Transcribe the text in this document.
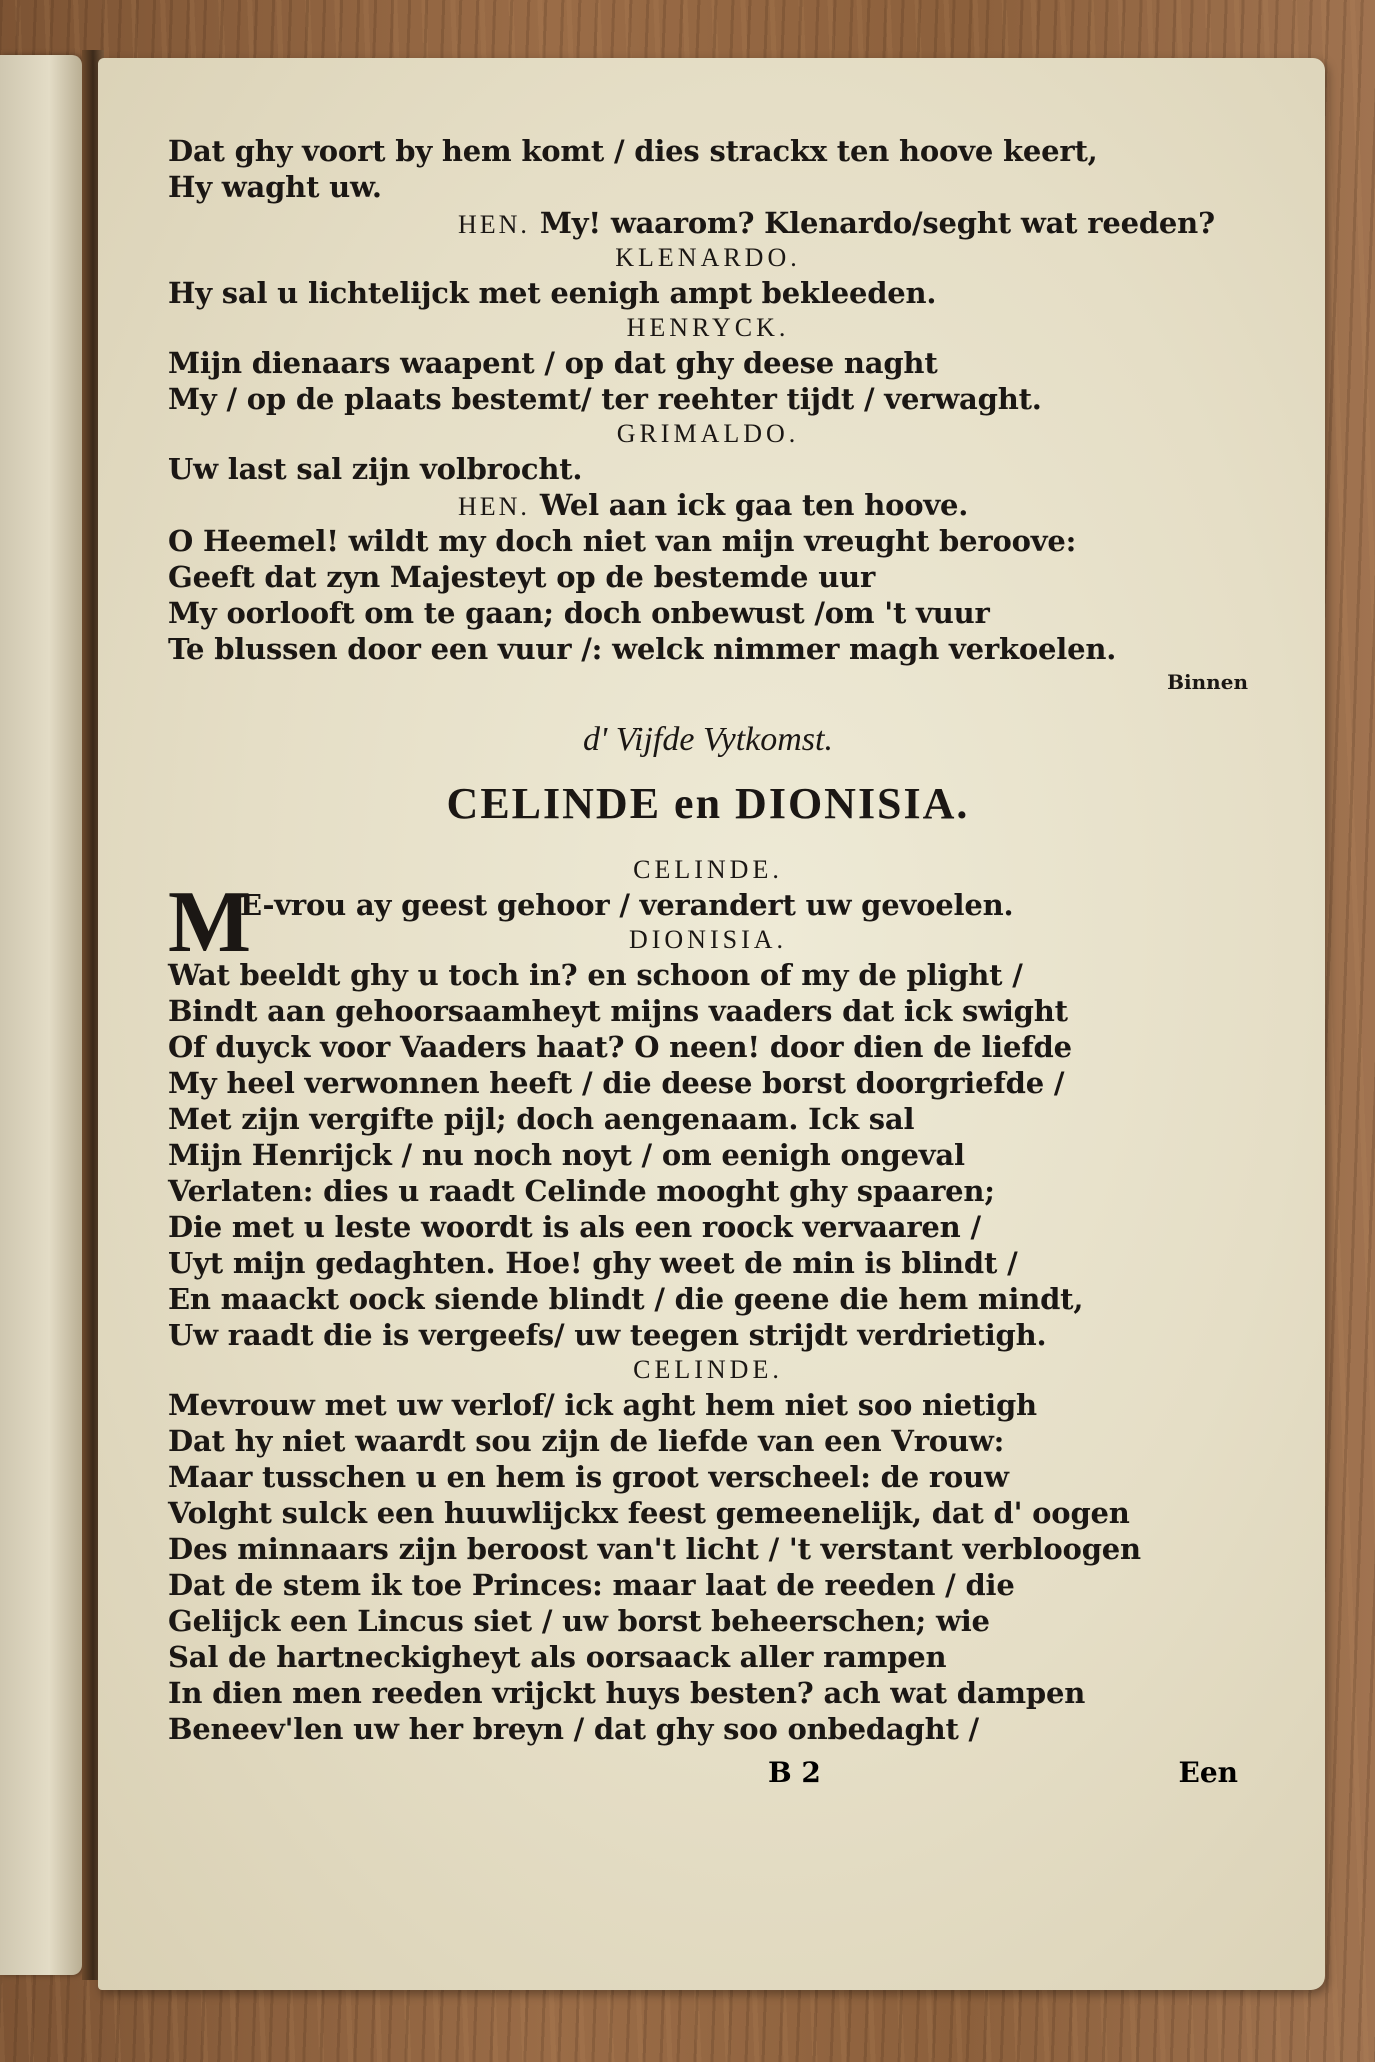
Dat ghy voort by hem komt / dies strackx ten hoove keert,
Hy waght uw.
HEN. My! waarom? Klenardo/seght wat reeden?
KLENARDO.
Hy sal u lichtelijck met eenigh ampt bekleeden.
HENRYCK.
Mijn dienaars waapent / op dat ghy deese naght
My / op de plaats bestemt/ ter reehter tijdt / verwaght.
GRIMALDO.
Uw last sal zijn volbrocht.
HEN. Wel aan ick gaa ten hoove.
O Heemel! wildt my doch niet van mijn vreught beroove:
Geeft dat zyn Majesteyt op de bestemde uur
My oorlooft om te gaan; doch onbewust /om 't vuur
Te blussen door een vuur /: welck nimmer magh verkoelen.
Binnen
d' Vijfde Vytkomst.
CELINDE en DIONISIA.
CELINDE.
M
E-vrou ay geest gehoor / verandert uw gevoelen.
DIONISIA.
Wat beeldt ghy u toch in? en schoon of my de plight /
Bindt aan gehoorsaamheyt mijns vaaders dat ick swight
Of duyck voor Vaaders haat? O neen! door dien de liefde
My heel verwonnen heeft / die deese borst doorgriefde /
Met zijn vergifte pijl; doch aengenaam. Ick sal
Mijn Henrijck / nu noch noyt / om eenigh ongeval
Verlaten: dies u raadt Celinde mooght ghy spaaren;
Die met u leste woordt is als een roock vervaaren /
Uyt mijn gedaghten. Hoe! ghy weet de min is blindt /
En maackt oock siende blindt / die geene die hem mindt,
Uw raadt die is vergeefs/ uw teegen strijdt verdrietigh.
CELINDE.
Mevrouw met uw verlof/ ick aght hem niet soo nietigh
Dat hy niet waardt sou zijn de liefde van een Vrouw:
Maar tusschen u en hem is groot verscheel: de rouw
Volght sulck een huuwlijckx feest gemeenelijk, dat d' oogen
Des minnaars zijn beroost van't licht / 't verstant verbloogen
Dat de stem ik toe Princes: maar laat de reeden / die
Gelijck een Lincus siet / uw borst beheerschen; wie
Sal de hartneckigheyt als oorsaack aller rampen
In dien men reeden vrijckt huys besten? ach wat dampen
Beneev'len uw her breyn / dat ghy soo onbedaght /
B 2	Een
